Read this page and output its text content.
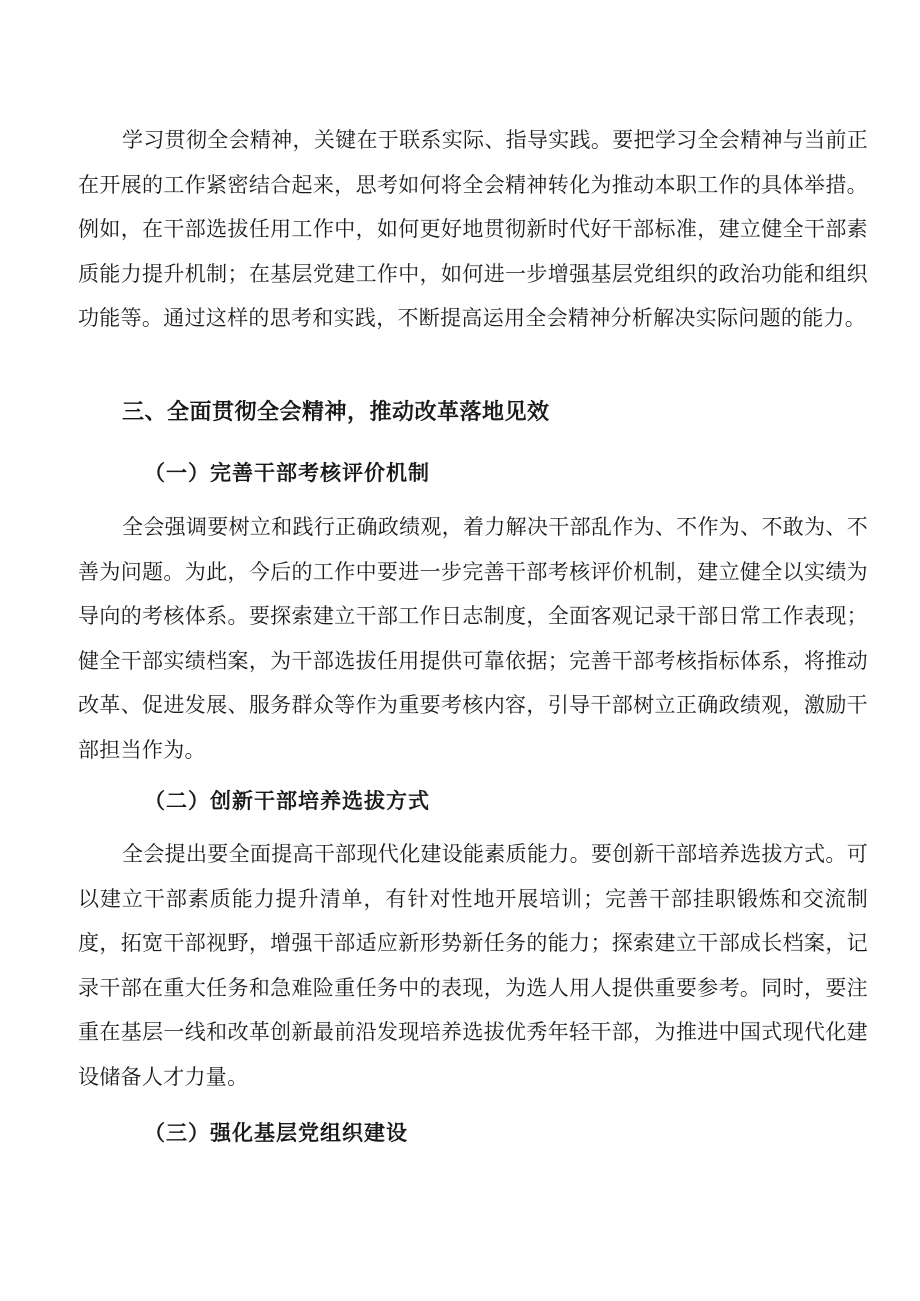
学习贯彻全会精神，关键在于联系实际、指导实践。要把学习全会精神与当前正在开展的工作紧密结合起来，思考如何将全会精神转化为推动本职工作的具体举措。例如，在干部选拔任用工作中，如何更好地贯彻新时代好干部标准，建立健全干部素质能力提升机制；在基层党建工作中，如何进一步增强基层党组织的政治功能和组织功能等。通过这样的思考和实践，不断提高运用全会精神分析解决实际问题的能力。

三、全面贯彻全会精神，推动改革落地见效
（一）完善干部考核评价机制

全会强调要树立和践行正确政绩观，着力解决干部乱作为、不作为、不敢为、不善为问题。为此，今后的工作中要进一步完善干部考核评价机制，建立健全以实绩为导向的考核体系。要探索建立干部工作日志制度，全面客观记录干部日常工作表现；健全干部实绩档案，为干部选拔任用提供可靠依据；完善干部考核指标体系，将推动改革、促进发展、服务群众等作为重要考核内容，引导干部树立正确政绩观，激励干部担当作为。

（二）创新干部培养选拔方式

全会提出要全面提高干部现代化建设能素质能力。要创新干部培养选拔方式。可以建立干部素质能力提升清单，有针对性地开展培训；完善干部挂职锻炼和交流制度，拓宽干部视野，增强干部适应新形势新任务的能力；探索建立干部成长档案，记录干部在重大任务和急难险重任务中的表现，为选人用人提供重要参考。同时，要注重在基层一线和改革创新最前沿发现培养选拔优秀年轻干部，为推进中国式现代化建设储备人才力量。

（三）强化基层党组织建设
